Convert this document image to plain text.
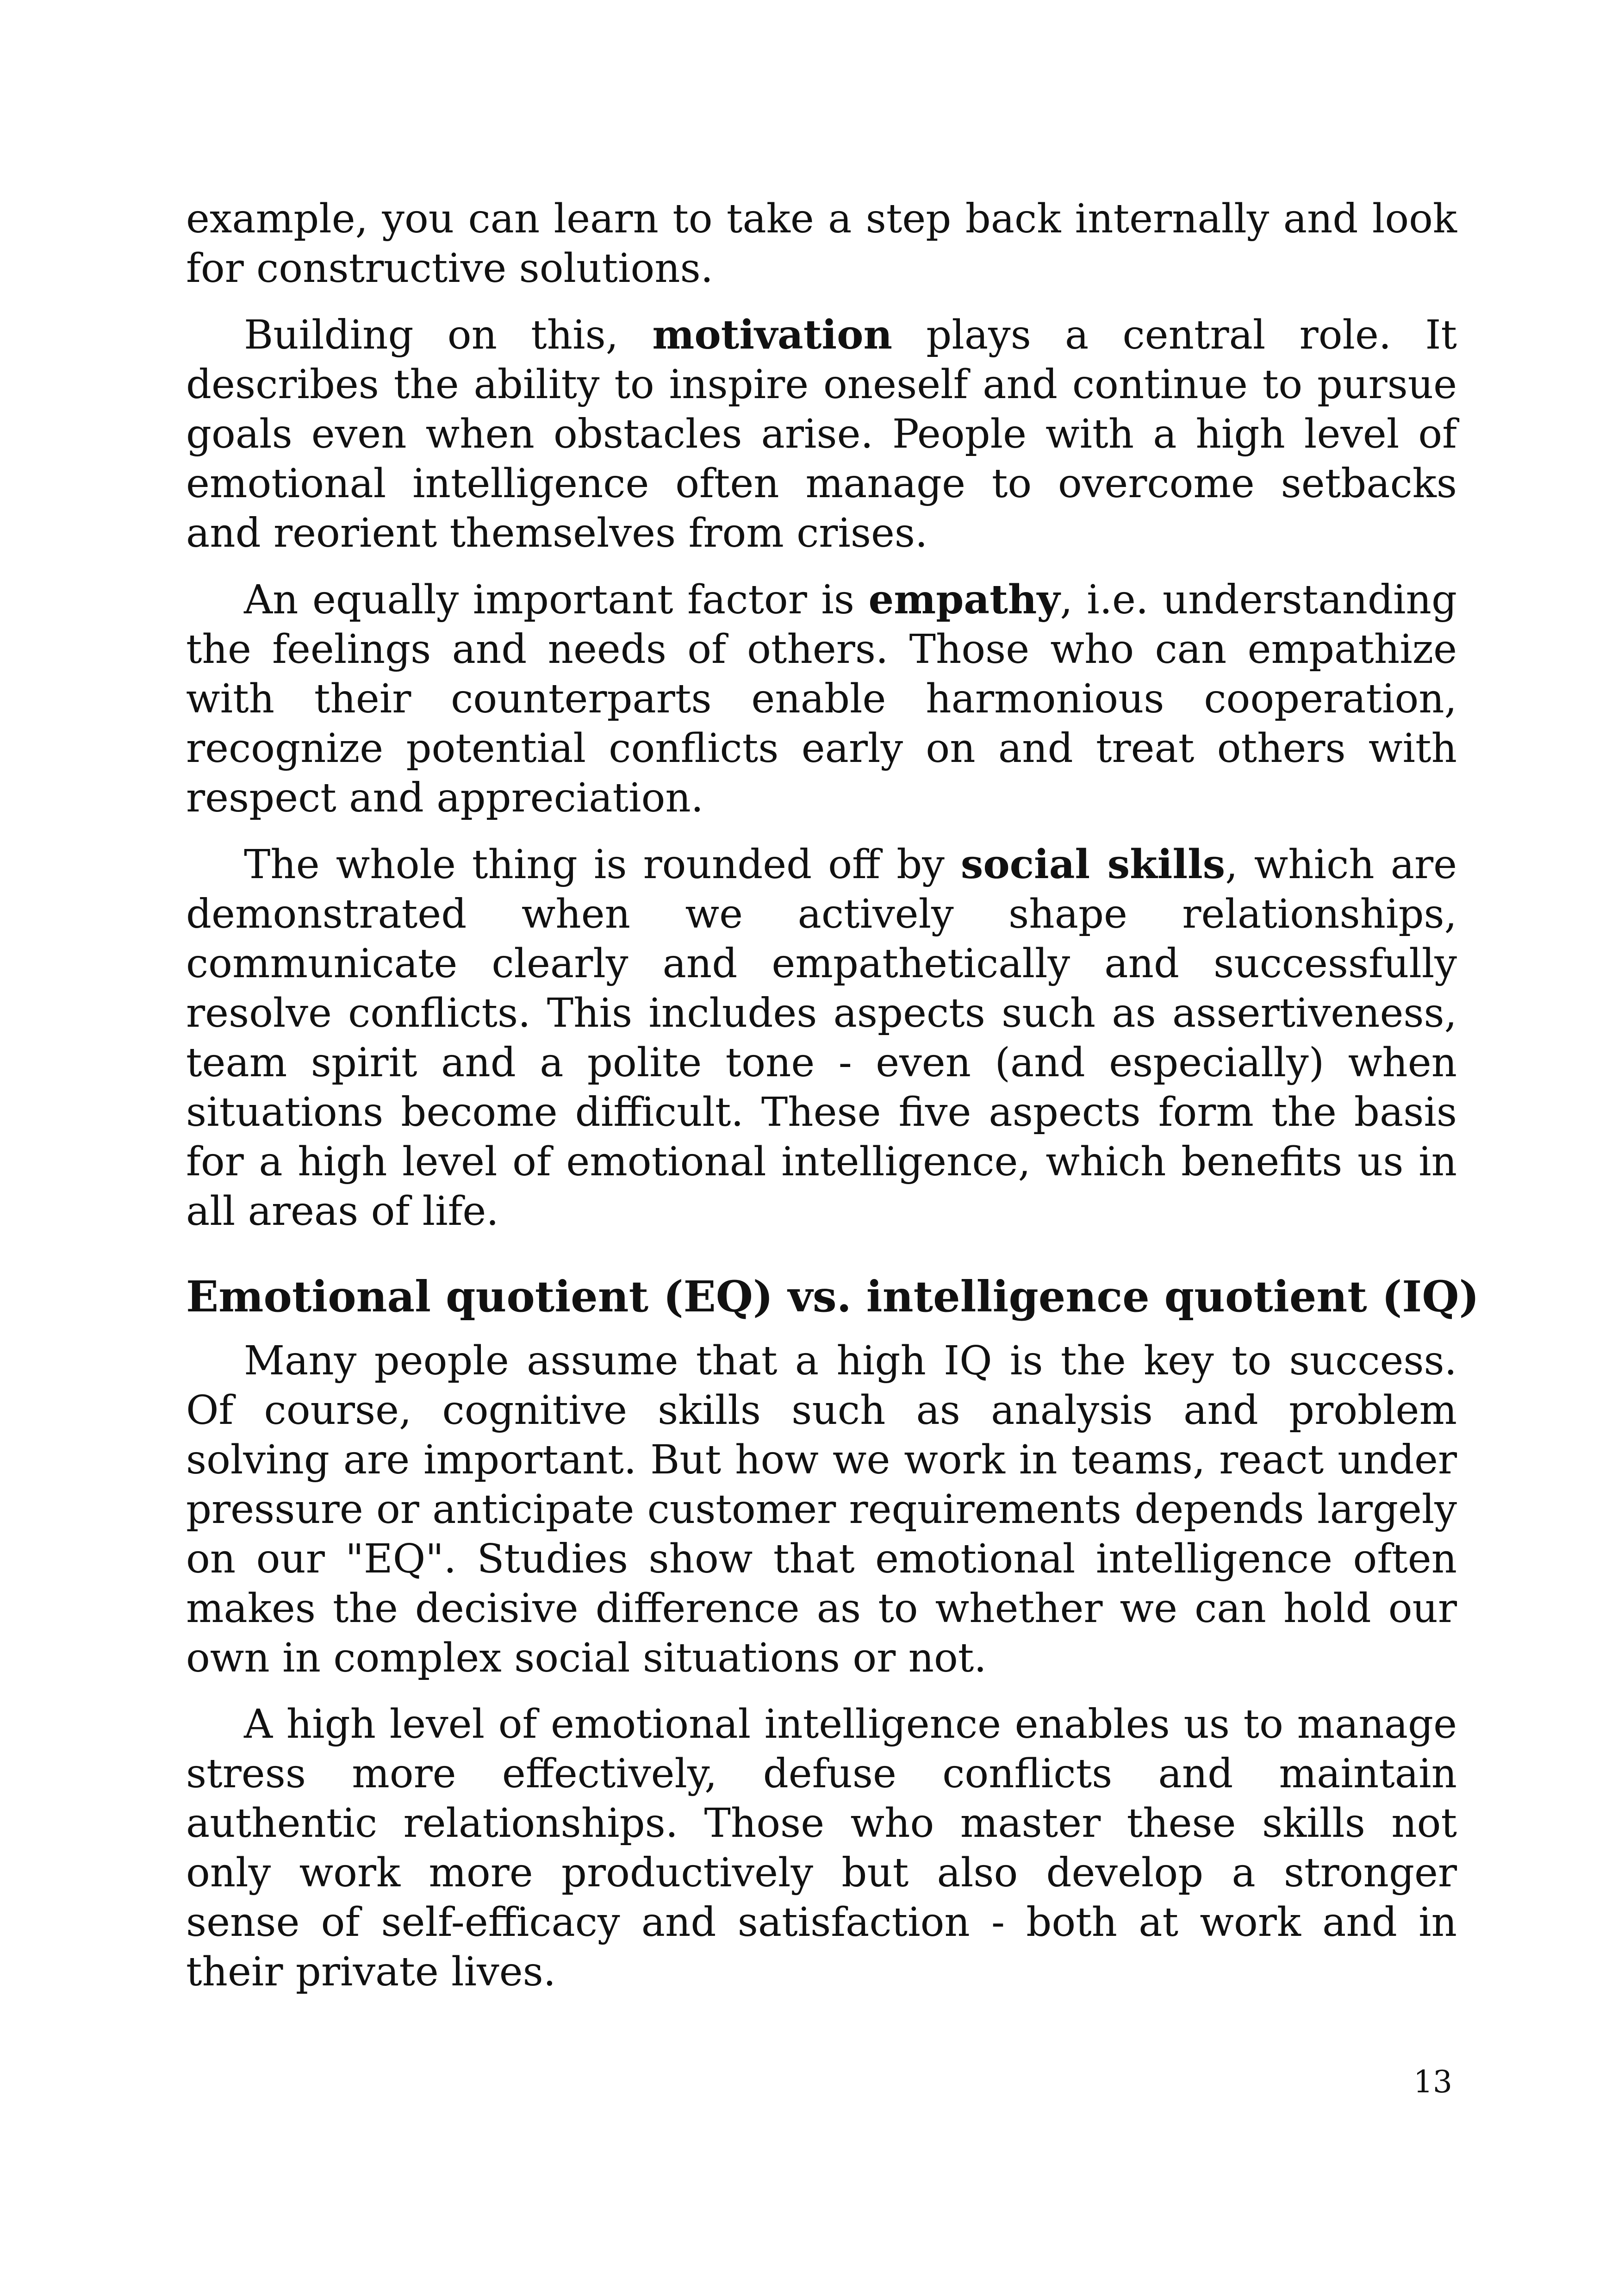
example, you can learn to take a step back internally and look for constructive solutions.

Building on this, motivation plays a central role. It describes the ability to inspire oneself and continue to pursue goals even when obstacles arise. People with a high level of emotional intelligence often manage to overcome setbacks and reorient themselves from crises.

An equally important factor is empathy, i.e. understanding the feelings and needs of others. Those who can empathize with their counterparts enable harmonious cooperation, recognize potential conflicts early on and treat others with respect and appreciation.

The whole thing is rounded off by social skills, which are demonstrated when we actively shape relationships, communicate clearly and empathetically and successfully resolve conflicts. This includes aspects such as assertiveness, team spirit and a polite tone - even (and especially) when situations become difficult. These five aspects form the basis for a high level of emotional intelligence, which benefits us in all areas of life.

Emotional quotient (EQ) vs. intelligence quotient (IQ)

Many people assume that a high IQ is the key to success. Of course, cognitive skills such as analysis and problem solving are important. But how we work in teams, react under pressure or anticipate customer requirements depends largely on our "EQ". Studies show that emotional intelligence often makes the decisive difference as to whether we can hold our own in complex social situations or not.

A high level of emotional intelligence enables us to manage stress more effectively, defuse conflicts and maintain authentic relationships. Those who master these skills not only work more productively but also develop a stronger sense of self-efficacy and satisfaction - both at work and in their private lives.

13
